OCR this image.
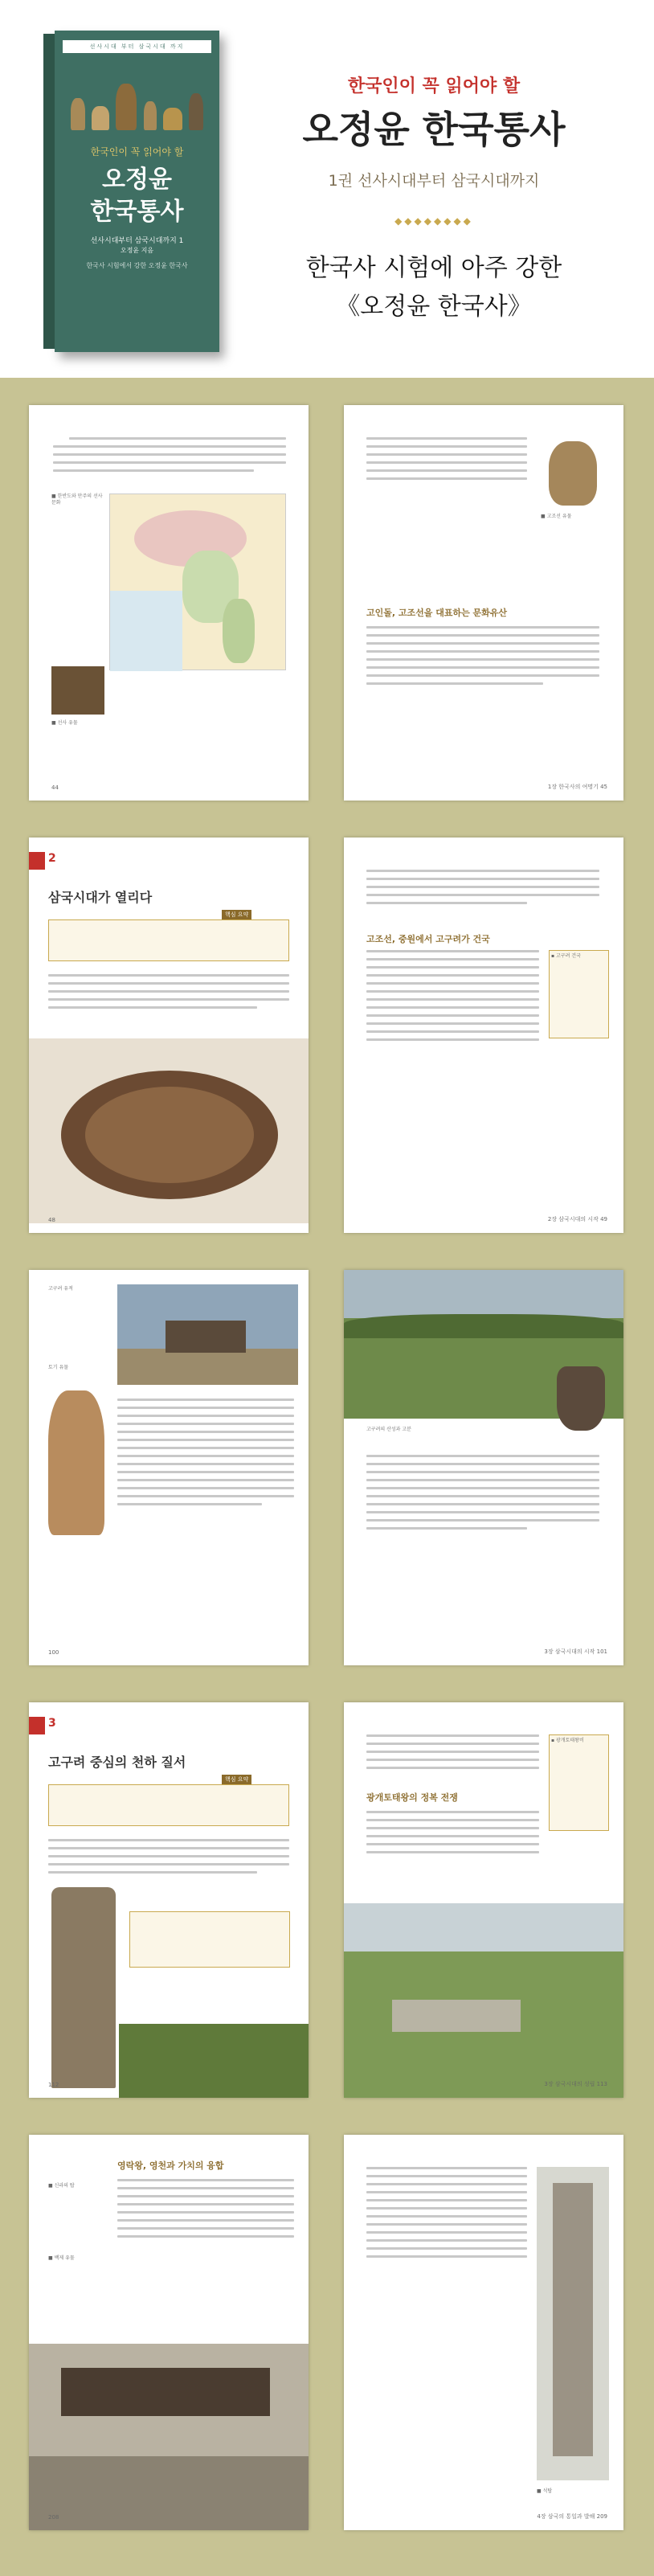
선사시대 부터 삼국시대 까지
한국인이 꼭 읽어야 할
오정윤
한국통사
선사시대부터 삼국시대까지 1
오정윤 지음
한국사 시험에서 강한 오정윤 한국사
한국인이 꼭 읽어야 할
오정윤 한국통사
1권 선사시대부터 삼국시대까지
◆◆◆◆◆◆◆◆
한국사 시험에 아주 강한
《오정윤 한국사》
■ 한반도와 만주의 선사문화
■ 선사 유물
44
■ 고조선 유물
고인돌, 고조선을 대표하는 문화유산
1장 한국사의 여명기 45
2
삼국시대가 열리다
핵심 요약
48
고조선, 중원에서 고구려가 건국
▪ 고구려 건국
2장 삼국시대의 시작 49
고구려 유적
토기 유물
100
고구려의 산성과 고분
3장 삼국시대의 시작 101
3
고구려 중심의 천하 질서
핵심 요약
112
광개토태왕의 정복 전쟁
▪ 광개토태왕비
3장 삼국시대의 성립 113
영락왕, 영천과 가치의 융합
■ 신라의 탑
■ 백제 유물
208
■ 석탑
4장 삼국의 통일과 발해 209
